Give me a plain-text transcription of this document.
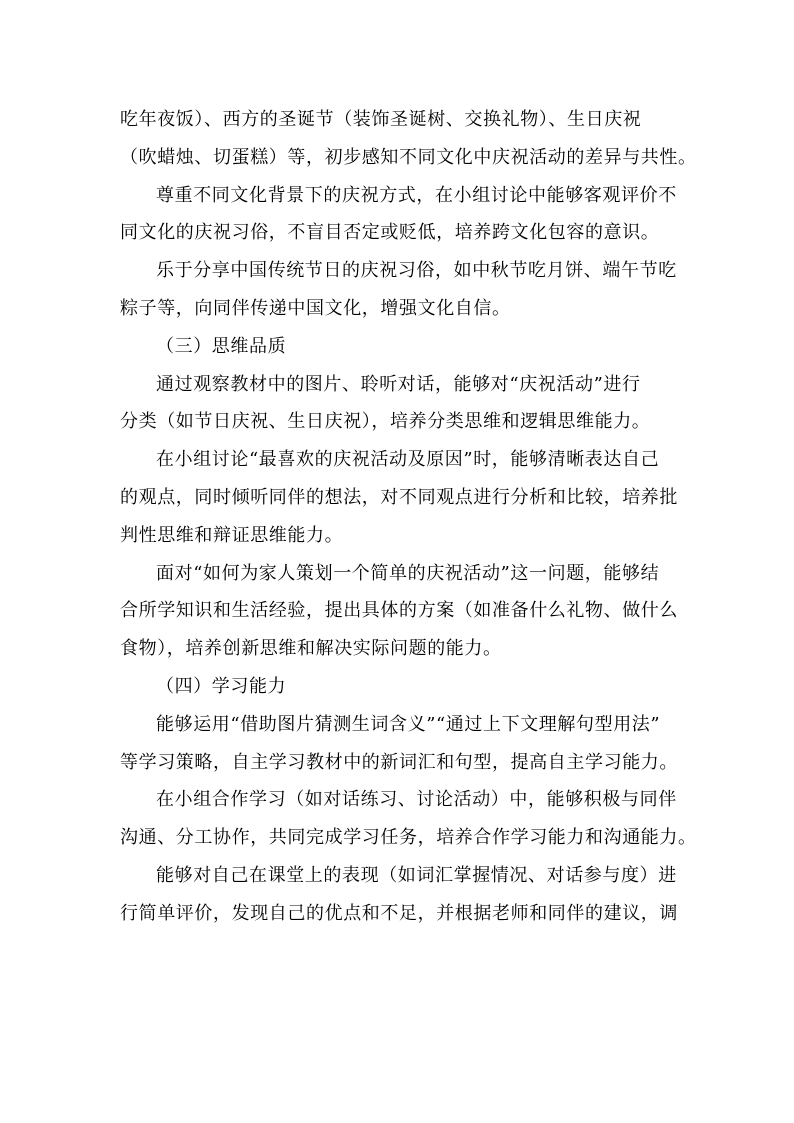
吃年夜饭）、西方的圣诞节（装饰圣诞树、交换礼物）、生日庆祝
（吹蜡烛、切蛋糕）等，初步感知不同文化中庆祝活动的差异与共性。
尊重不同文化背景下的庆祝方式，在小组讨论中能够客观评价不
同文化的庆祝习俗，不盲目否定或贬低，培养跨文化包容的意识。
乐于分享中国传统节日的庆祝习俗，如中秋节吃月饼、端午节吃
粽子等，向同伴传递中国文化，增强文化自信。
（三）思维品质
通过观察教材中的图片、聆听对话，能够对“庆祝活动”进行
分类（如节日庆祝、生日庆祝），培养分类思维和逻辑思维能力。
在小组讨论“最喜欢的庆祝活动及原因”时，能够清晰表达自己
的观点，同时倾听同伴的想法，对不同观点进行分析和比较，培养批
判性思维和辩证思维能力。
面对“如何为家人策划一个简单的庆祝活动”这一问题，能够结
合所学知识和生活经验，提出具体的方案（如准备什么礼物、做什么
食物），培养创新思维和解决实际问题的能力。
（四）学习能力
能够运用“借助图片猜测生词含义”“通过上下文理解句型用法”
等学习策略，自主学习教材中的新词汇和句型，提高自主学习能力。
在小组合作学习（如对话练习、讨论活动）中，能够积极与同伴
沟通、分工协作，共同完成学习任务，培养合作学习能力和沟通能力。
能够对自己在课堂上的表现（如词汇掌握情况、对话参与度）进
行简单评价，发现自己的优点和不足，并根据老师和同伴的建议，调
